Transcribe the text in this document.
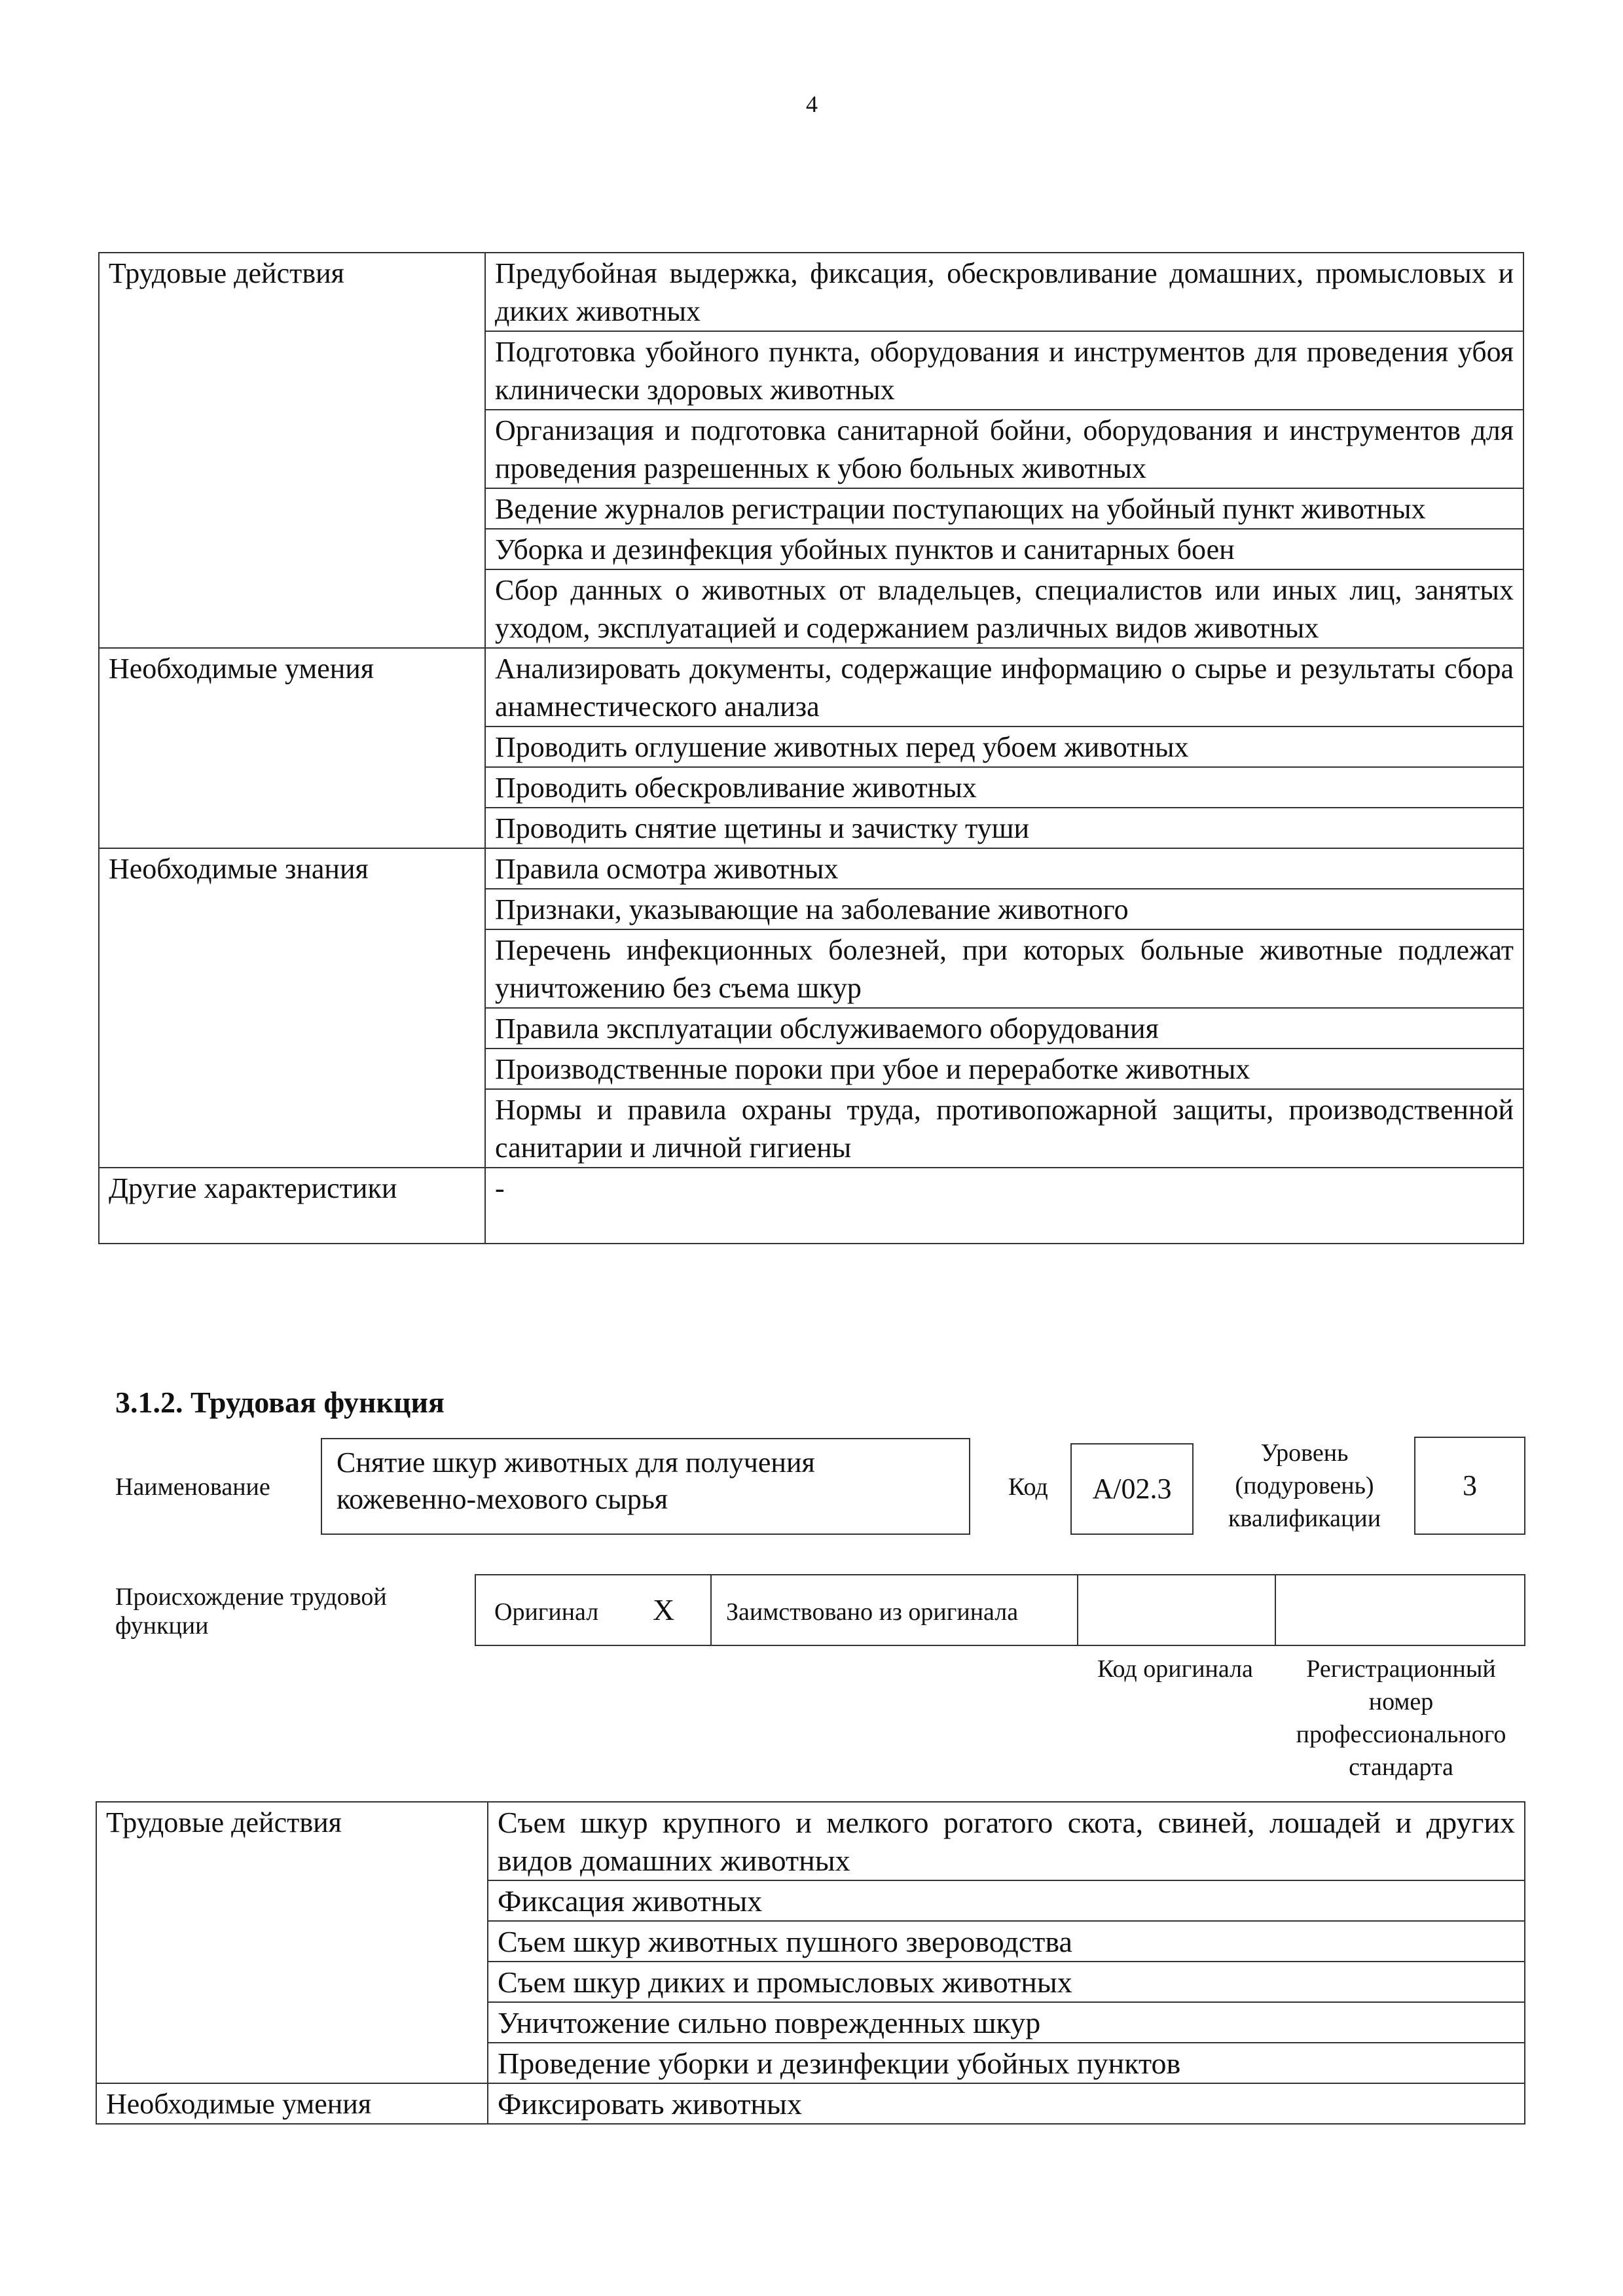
4
Трудовые действия	Предубойная выдержка, фиксация, обескровливание домашних, промысловых и диких животных
	Подготовка убойного пункта, оборудования и инструментов для проведения убоя клинически здоровых животных
	Организация и подготовка санитарной бойни, оборудования и инструментов для проведения разрешенных к убою больных животных
	Ведение журналов регистрации поступающих на убойный пункт животных
	Уборка и дезинфекция убойных пунктов и санитарных боен
	Сбор данных о животных от владельцев, специалистов или иных лиц, занятых уходом, эксплуатацией и содержанием различных видов животных
Необходимые умения	Анализировать документы, содержащие информацию о сырье и результаты сбора анамнестического анализа
	Проводить оглушение животных перед убоем животных
	Проводить обескровливание животных
	Проводить снятие щетины и зачистку туши
Необходимые знания	Правила осмотра животных
	Признаки, указывающие на заболевание животного
	Перечень инфекционных болезней, при которых больные животные подлежат уничтожению без съема шкур
	Правила эксплуатации обслуживаемого оборудования
	Производственные пороки при убое и переработке животных
	Нормы и правила охраны труда, противопожарной защиты, производственной санитарии и личной гигиены
Другие характеристики	-
3.1.2. Трудовая функция
Наименование
Снятие шкур животных для получения кожевенно-мехового сырья	Код	A/02.3
Уровень (подуровень) квалификации
3
Происхождение трудовой функции	Оригинал X Заимствовано из оригинала
Код оригинала	Регистрационный номер профессионального стандарта
Трудовые действия	Съем шкур крупного и мелкого рогатого скота, свиней, лошадей и других видов домашних животных
	Фиксация животных
	Съем шкур животных пушного звероводства
	Съем шкур диких и промысловых животных
	Уничтожение сильно поврежденных шкур
	Проведение уборки и дезинфекции убойных пунктов
Необходимые умения	Фиксировать животных
